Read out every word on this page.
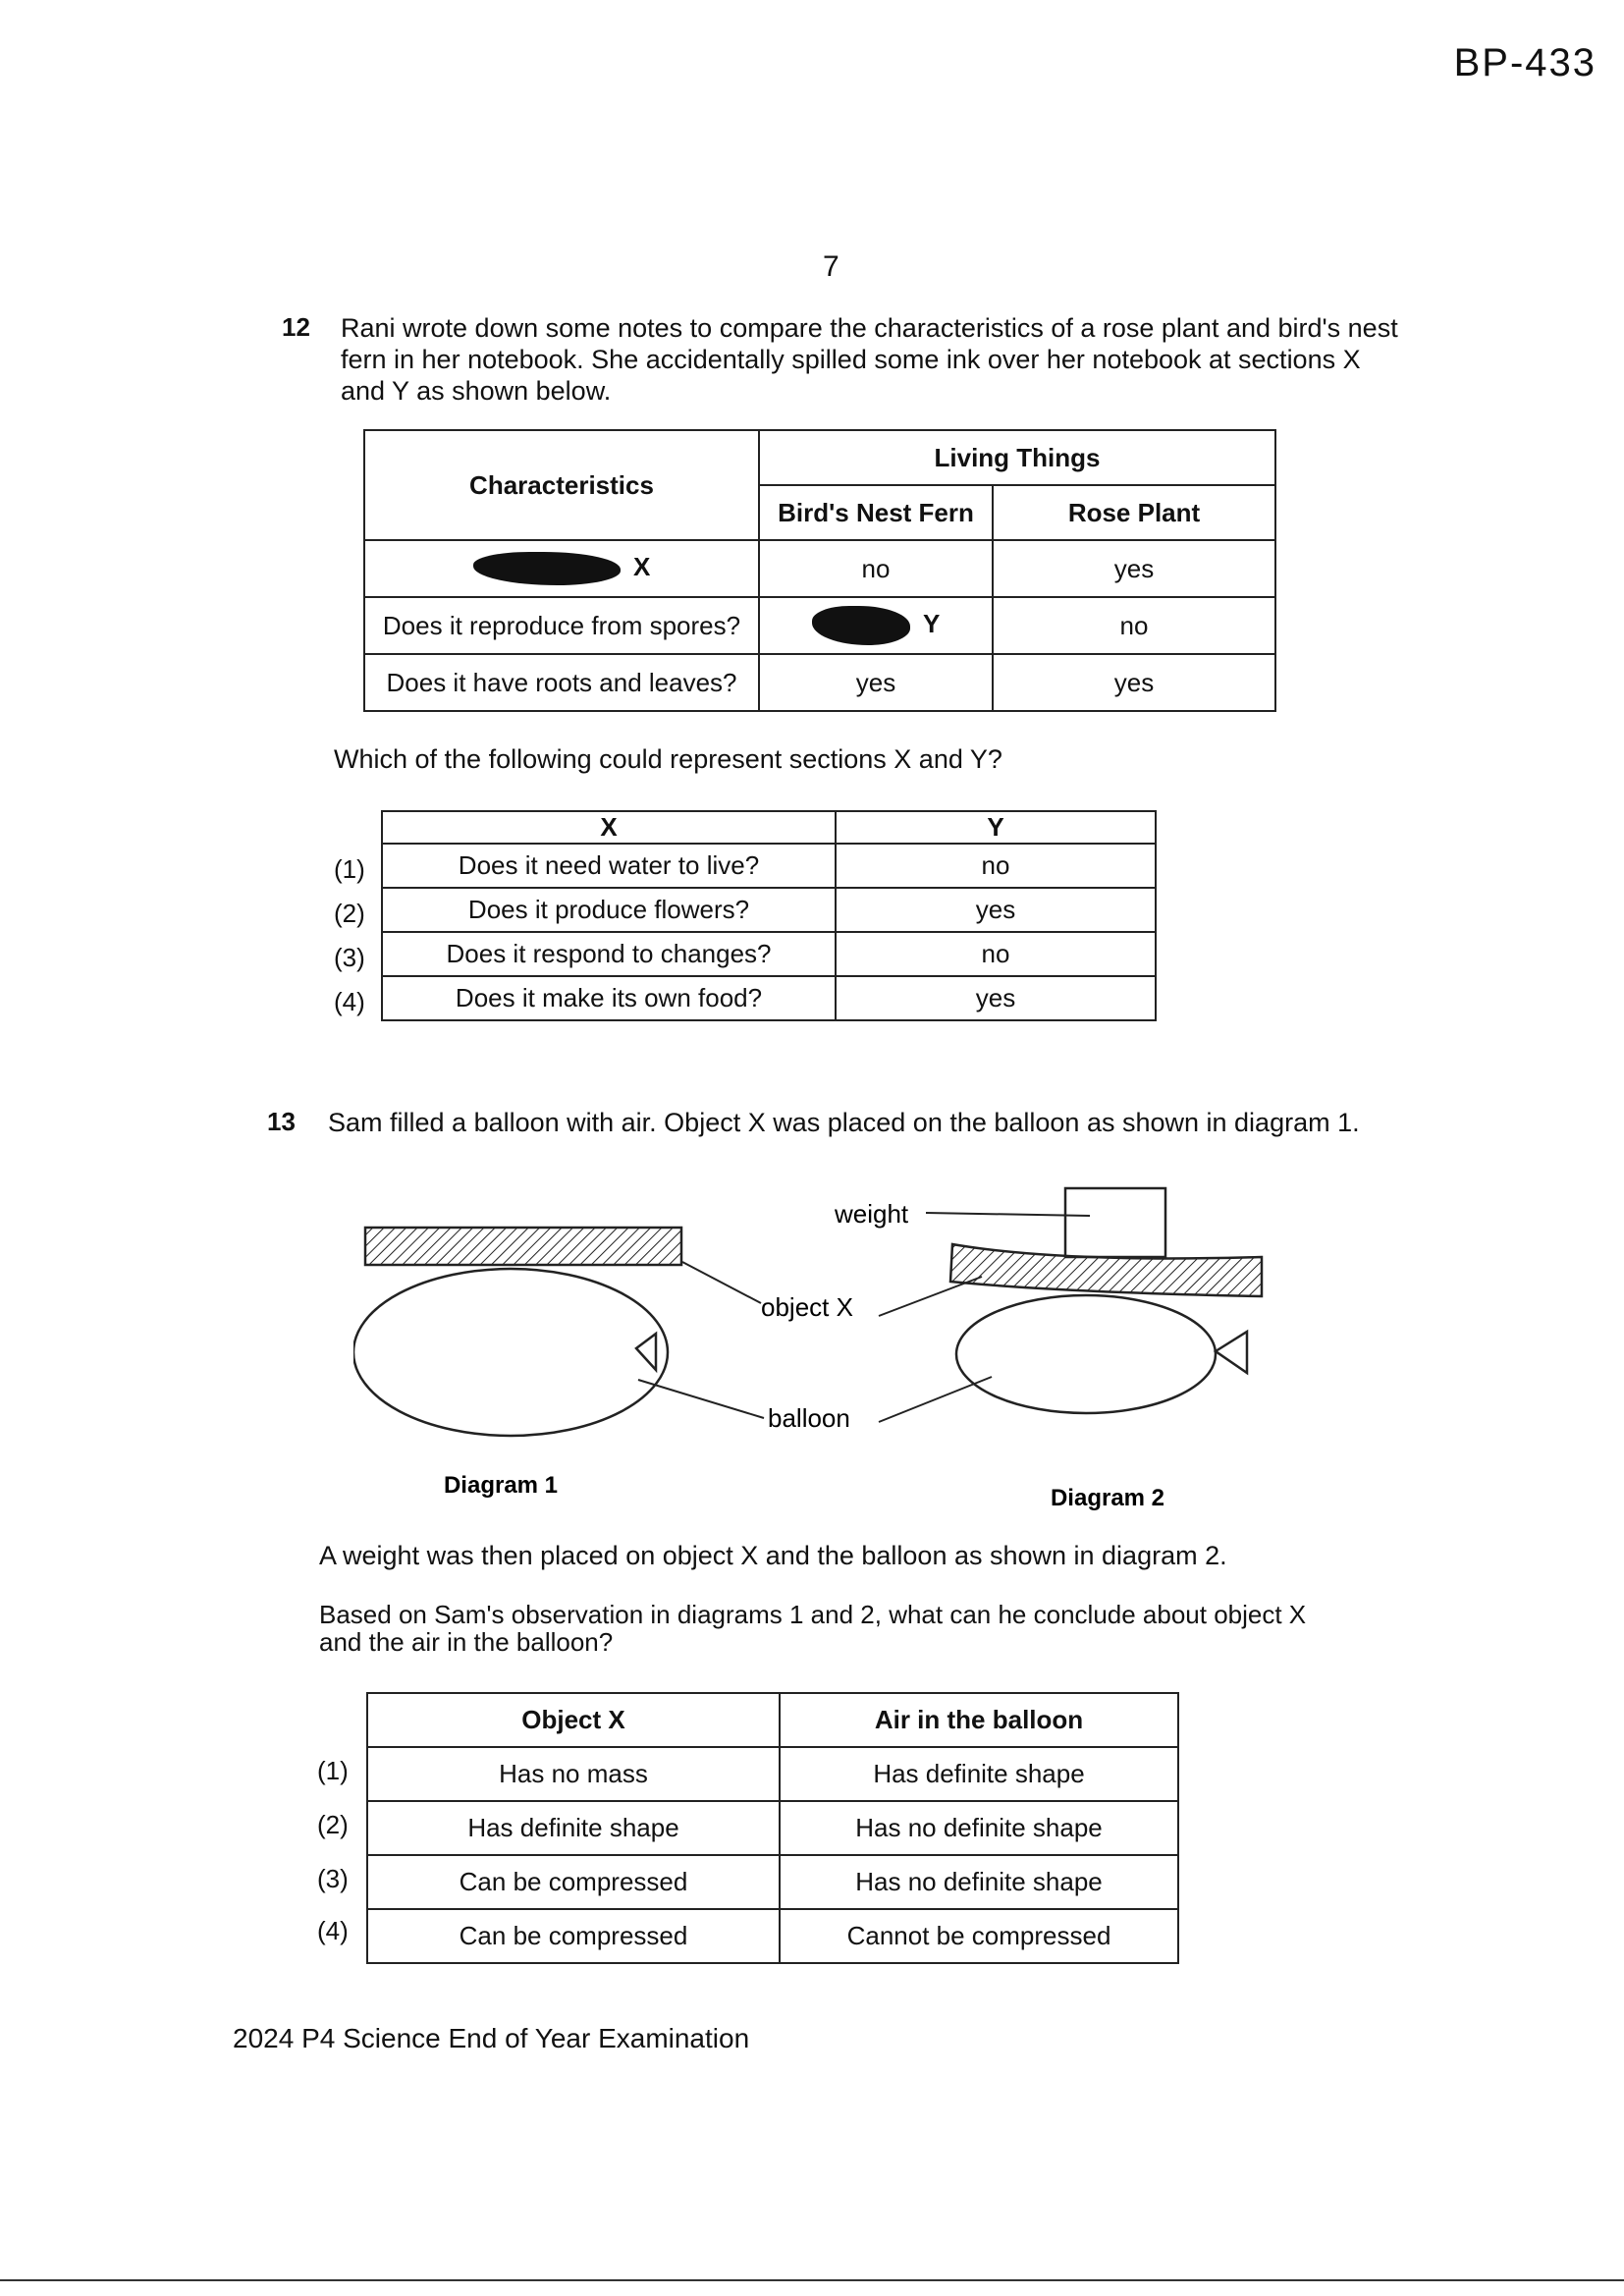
BP-433
7
12 Rani wrote down some notes to compare the characteristics of a rose plant and bird's nest
fern in her notebook. She accidentally spilled some ink over her notebook at sections X
and Y as shown below.
Characteristics	Living Things	
	Bird's Nest Fern	Rose Plant
X	no	yes
Does it reproduce from spores?	Y	no
Does it have roots and leaves?	yes	yes
Which of the following could represent sections X and Y?
(1)
(2)
(3)
(4)
X	Y
Does it need water to live?	no
Does it produce flowers?	yes
Does it respond to changes?	no
Does it make its own food?	yes
13 Sam filled a balloon with air. Object X was placed on the balloon as shown in diagram 1.
weight
object X
balloon
Diagram 1	Diagram 2
A weight was then placed on object X and the balloon as shown in diagram 2.
Based on Sam's observation in diagrams 1 and 2, what can he conclude about object X
and the air in the balloon?
(1)
(2)
(3)
(4)
Object X	Air in the balloon
Has no mass	Has definite shape
Has definite shape	Has no definite shape
Can be compressed	Has no definite shape
Can be compressed	Cannot be compressed
2024 P4 Science End of Year Examination
